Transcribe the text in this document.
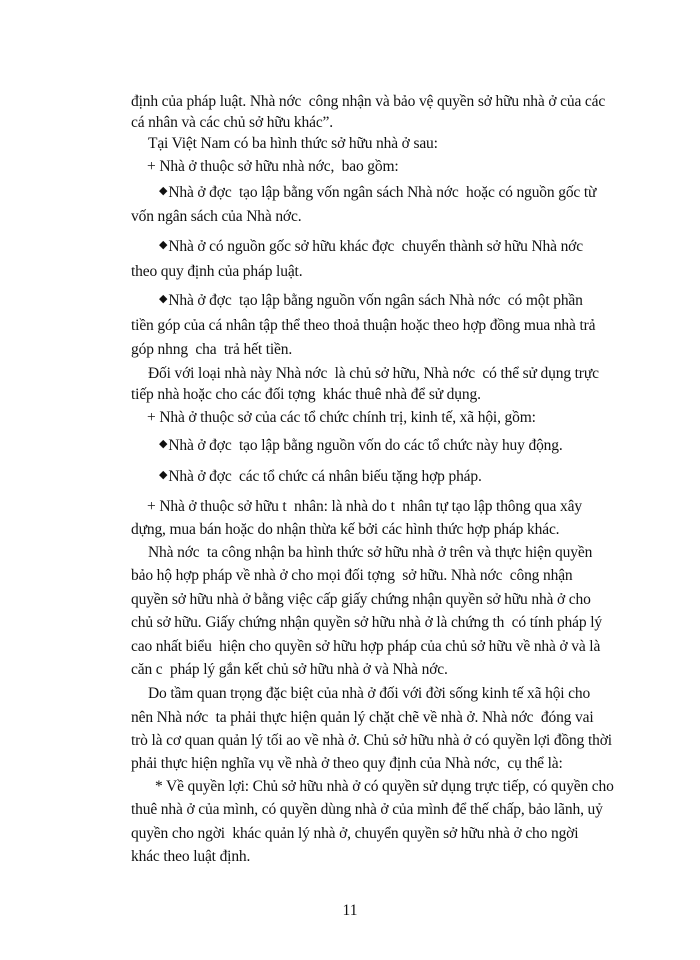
định của pháp luật. Nhà nớc  công nhận và bảo vệ quyền sở hữu nhà ở của các
cá nhân và các chủ sở hữu khác”.
Tại Việt Nam có ba hình thức sở hữu nhà ở sau:
+ Nhà ở thuộc sở hữu nhà nớc,  bao gồm:
◆Nhà ở đợc  tạo lập bằng vốn ngân sách Nhà nớc  hoặc có nguồn gốc từ
vốn ngân sách của Nhà nớc.
◆Nhà ở có nguồn gốc sở hữu khác đợc  chuyển thành sở hữu Nhà nớc
theo quy định của pháp luật.
◆Nhà ở đợc  tạo lập bằng nguồn vốn ngân sách Nhà nớc  có một phần
tiền góp của cá nhân tập thể theo thoả thuận hoặc theo hợp đồng mua nhà trả
góp nhng  cha  trả hết tiền.
Đối với loại nhà này Nhà nớc  là chủ sở hữu, Nhà nớc  có thể sử dụng trực
tiếp nhà hoặc cho các đối tợng  khác thuê nhà để sử dụng.
+ Nhà ở thuộc sở của các tổ chức chính trị, kinh tế, xã hội, gồm:
◆Nhà ở đợc  tạo lập bằng nguồn vốn do các tổ chức này huy động.
◆Nhà ở đợc  các tổ chức cá nhân biếu tặng hợp pháp.
+ Nhà ở thuộc sở hữu t  nhân: là nhà do t  nhân tự tạo lập thông qua xây
dựng, mua bán hoặc do nhận thừa kế bởi các hình thức hợp pháp khác.
Nhà nớc  ta công nhận ba hình thức sở hữu nhà ở trên và thực hiện quyền
bảo hộ hợp pháp về nhà ở cho mọi đối tợng  sở hữu. Nhà nớc  công nhận
quyền sở hữu nhà ở bằng việc cấp giấy chứng nhận quyền sở hữu nhà ở cho
chủ sở hữu. Giấy chứng nhận quyền sở hữu nhà ở là chứng th  có tính pháp lý
cao nhất biểu  hiện cho quyền sở hữu hợp pháp của chủ sở hữu về nhà ở và là
căn c  pháp lý gắn kết chủ sở hữu nhà ở và Nhà nớc.
Do tầm quan trọng đặc biệt của nhà ở đối với đời sống kinh tế xã hội cho
nên Nhà nớc  ta phải thực hiện quản lý chặt chẽ về nhà ở. Nhà nớc  đóng vai
trò là cơ quan quản lý tối ao về nhà ở. Chủ sở hữu nhà ở có quyền lợi đồng thời
phải thực hiện nghĩa vụ về nhà ở theo quy định của Nhà nớc,  cụ thể là:
* Về quyền lợi: Chủ sở hữu nhà ở có quyền sử dụng trực tiếp, có quyền cho
thuê nhà ở của mình, có quyền dùng nhà ở của mình để thế chấp, bảo lãnh, uỷ
quyền cho ngời  khác quản lý nhà ở, chuyển quyền sở hữu nhà ở cho ngời
khác theo luật định.
11
